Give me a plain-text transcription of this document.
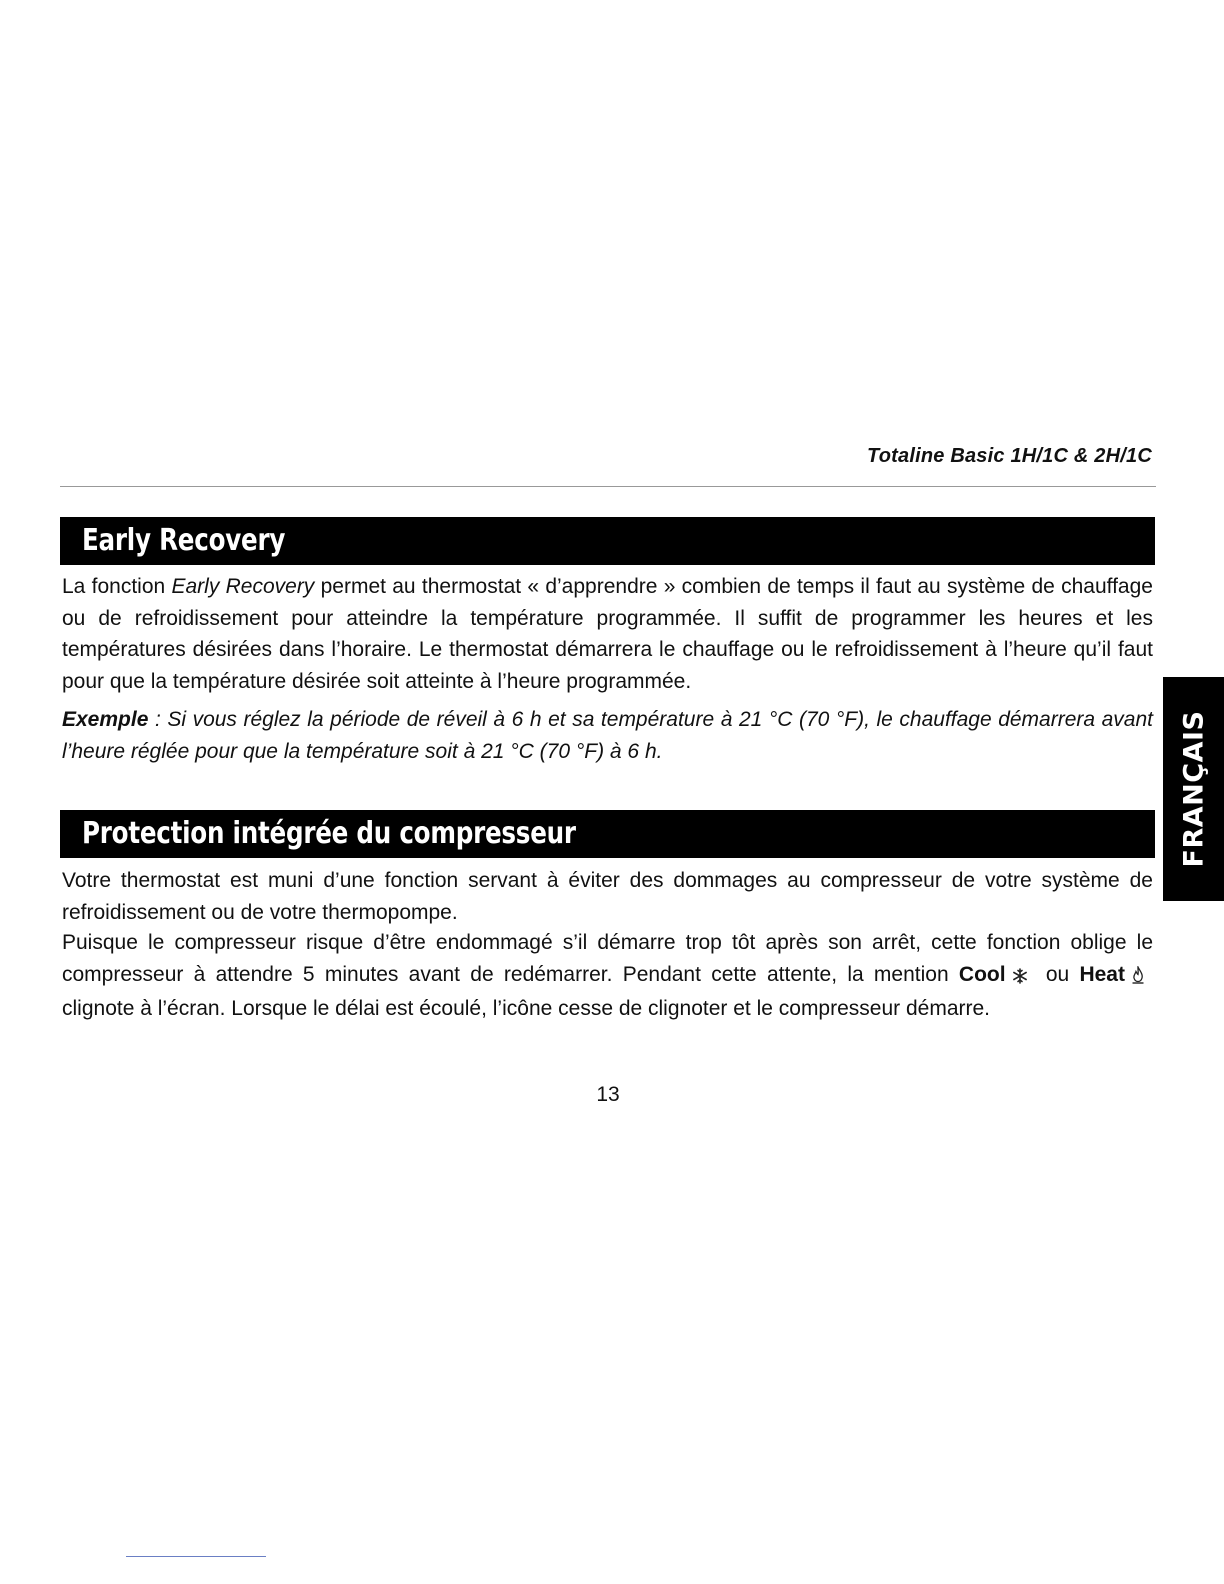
Totaline Basic 1H/1C & 2H/1C
Early Recovery

La fonction Early Recovery permet au thermostat « d’apprendre » combien de temps il faut au système de chauffage ou de refroidissement pour atteindre la température programmée. Il suffit de programmer les heures et les températures désirées dans l’horaire. Le thermostat démarrera le chauffage ou le refroidissement à l’heure qu’il faut pour que la température désirée soit atteinte à l’heure programmée.

Exemple : Si vous réglez la période de réveil à 6 h et sa température à 21 °C (70 °F), le chauffage démarrera avant l’heure réglée pour que la température soit à 21 °C (70 °F) à 6 h.

Protection intégrée du compresseur

Votre thermostat est muni d’une fonction servant à éviter des dommages au compresseur de votre système de refroidissement ou de votre thermopompe.

Puisque le compresseur risque d’être endommagé s’il démarre trop tôt après son arrêt, cette fonction oblige le compresseur à attendre 5 minutes avant de redémarrer. Pendant cette attente, la mention Cool ou Heat clignote à l’écran. Lorsque le délai est écoulé, l’icône cesse de clignoter et le compresseur démarre.

FRANÇAIS
13
